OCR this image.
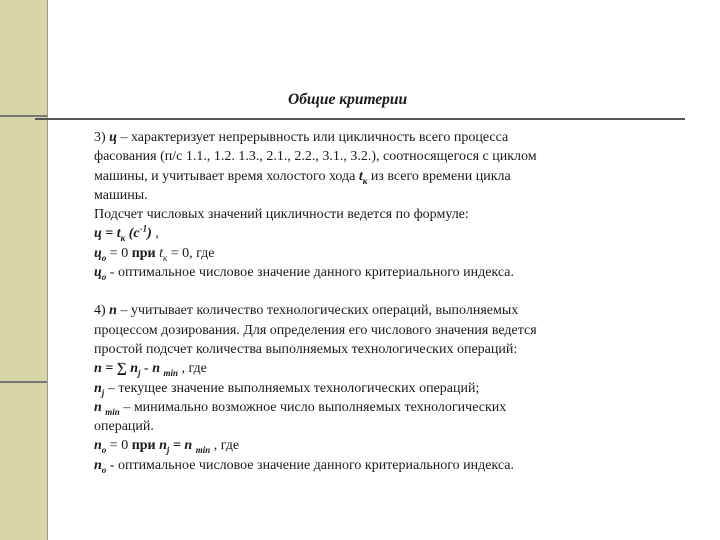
Общие критерии
3) ц – характеризует непрерывность или цикличность всего процесса
фасования (п/с 1.1., 1.2. 1.3., 2.1., 2.2., 3.1., 3.2.), соотносящегося с циклом
машины, и учитывает время холостого хода $t_к$ из всего времени цикла
машины.
Подсчет числовых значений цикличности ведется по формуле:
$ц = t_к$ $(c^{-1})$ ,
$ц_о = 0$ при $t_к = 0$, где
$ц_о$ - оптимальное числовое значение данного критериального индекса.
4) n – учитывает количество технологических операций, выполняемых
процессом дозирования. Для определения его числового значения ведется
простой подсчет количества выполняемых технологических операций:
n = ∑ $n_j$ - n $_{min}$ , где
$n_j$ – текущее значение выполняемых технологических операций;
n $_{min}$ – минимально возможное число выполняемых технологических
операций.
$n_o = 0$ при $n_j = n$ $_{min}$ , где
$n_o$ - оптимальное числовое значение данного критериального индекса.
